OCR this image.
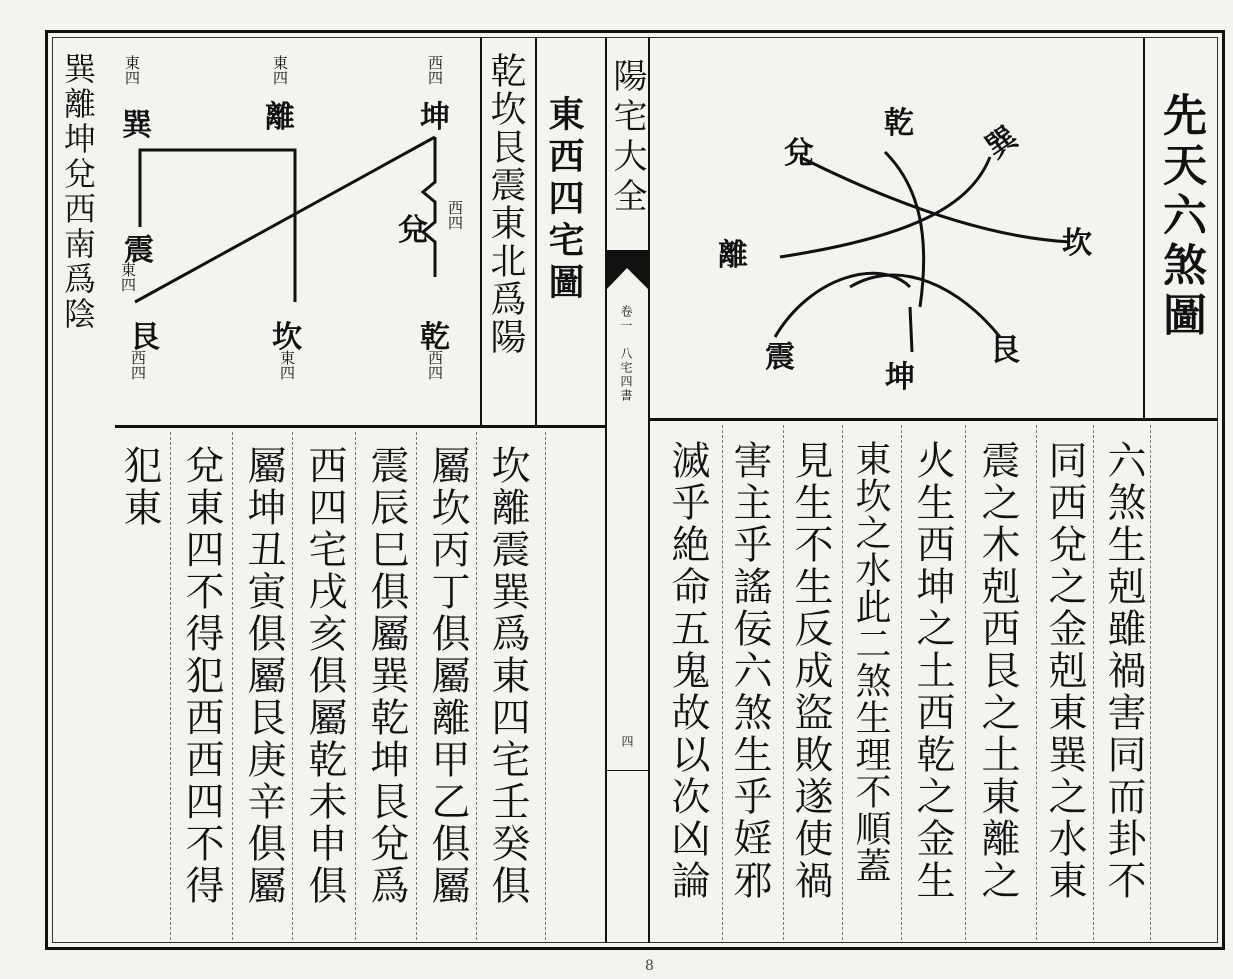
陽宅大全
卷一　八宅四書
四
先天六煞圖
乾
兌	巽
坎
離
震
坤
艮
六煞生剋雖禍害同而卦不
同西兌之金剋東巽之水東
震之木剋西艮之土東離之
火生西坤之土西乾之金生
東坎之水此二煞生理不順蓋
見生不生反成盜敗遂使禍
害主乎謠佞六煞生乎婬邪
滅乎絶命五鬼故以次凶論
東西四宅圖
乾坎艮震東北爲陽
坎
東四
艮
西四
乾
西四
震
東四
離
東四
坤
西四
兌 西四
巽
東四
巽離坤兌西南爲陰
坎離震巽爲東四宅壬癸俱
屬坎丙丁俱屬離甲乙俱屬
震辰巳俱屬巽乾坤艮兌爲
西四宅戌亥俱屬乾未申俱
屬坤丑寅俱屬艮庚辛俱屬
兌東四不得犯西西四不得
犯東
8
